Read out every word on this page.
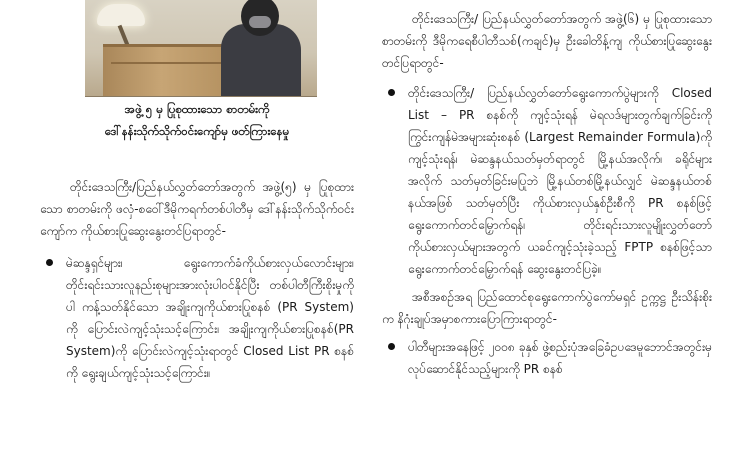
အဖွဲ့ ၅ မှ ပြုစုထားသော စာတမ်းကို
ဒေါ်နန်းသိုက်သိုက်ဝင်းကျော်မှ ဖတ်ကြားနေမှု

တိုင်းဒေသကြီး/ပြည်နယ်လွှတ်တော်အတွက် အဖွဲ့(၅) မှ ပြုစုထားသော စာတမ်းကို ဖလှံ-စဝေါ်ဒီမိုကရက်တစ်ပါတီမှ ဒေါ်နန်းသိုက်သိုက်ဝင်းကျော်က ကိုယ်စားပြုဆွေးနွေးတင်ပြရာတွင်-

မဲဆန္ဒရှင်များ၊ ရွေးကောက်ခံကိုယ်စားလှယ်လောင်းများ၊ တိုင်းရင်းသားလူနည်းစုများအားလုံးပါဝင်နိုင်ပြီး တစ်ပါတီကြီးစိုးမှုကိုပါ ကန့်သတ်နိုင်သော အချိုးကျကိုယ်စားပြုစနစ် (PR System) ကို ပြောင်းလဲကျင့်သုံးသင့်ကြောင်း၊ အချိုးကျကိုယ်စားပြုစနစ်(PR System)ကို ပြောင်းလဲကျင့်သုံးရာတွင် Closed List PR စနစ်ကို ရွေးချယ်ကျင့်သုံးသင့်ကြောင်း။

တိုင်းဒေသကြီး/ ပြည်နယ်လွှတ်တော်အတွက် အဖွဲ့(၆) မှ ပြုစုထားသောစာတမ်းကို ဒီမိုကရေစီပါတီသစ်(ကချင်)မှ ဦးခေါတိန့်ကျ ကိုယ်စားပြုဆွေးနွေးတင်ပြရာတွင်-

တိုင်းဒေသကြီး/ ပြည်နယ်လွှတ်တော်ရွေးကောက်ပွဲများကို Closed List – PR စနစ်ကို ကျင့်သုံးရန် မဲရလဒ်များတွက်ချက်ခြင်းကို ကြွင်းကျန်မဲအများဆုံးစနစ် (Largest Remainder Formula)ကို ကျင့်သုံးရန်၊ မဲဆန္ဒနယ်သတ်မှတ်ရာတွင် မြို့နယ်အလိုက်၊ ခရိုင်များအလိုက် သတ်မှတ်ခြင်းမပြုဘဲ မြို့နယ်တစ်မြို့နယ်လျှင် မဲဆန္ဒနယ်တစ်နယ်အဖြစ် သတ်မှတ်ပြီး ကိုယ်စားလှယ်နှစ်ဦးစီကို PR စနစ်ဖြင့် ရွေးကောက်တင်မြှောက်ရန်၊ တိုင်းရင်းသားလူမျိုးလွှတ်တော်ကိုယ်စားလှယ်များအတွက် ယခင်ကျင့်သုံးခဲ့သည့် FPTP စနစ်ဖြင့်သာ ရွေးကောက်တင်မြှောက်ရန် ဆွေးနွေးတင်ပြခဲ့။

အစီအစဉ်အရ ပြည်ထောင်စုရွေးကောက်ပွဲကော်မရှင် ဥက္ကဋ္ဌ ဦးသိန်းစိုးက နိဂုံးချုပ်အမှာစကားပြောကြားရာတွင်-

ပါတီများအနေဖြင့် ၂၀၀၈ ခုနှစ် ဖွဲ့စည်းပုံအခြေခံဥပဒေမူဘောင်အတွင်းမှ လုပ်ဆောင်နိုင်သည့်များကို PR စနစ်
